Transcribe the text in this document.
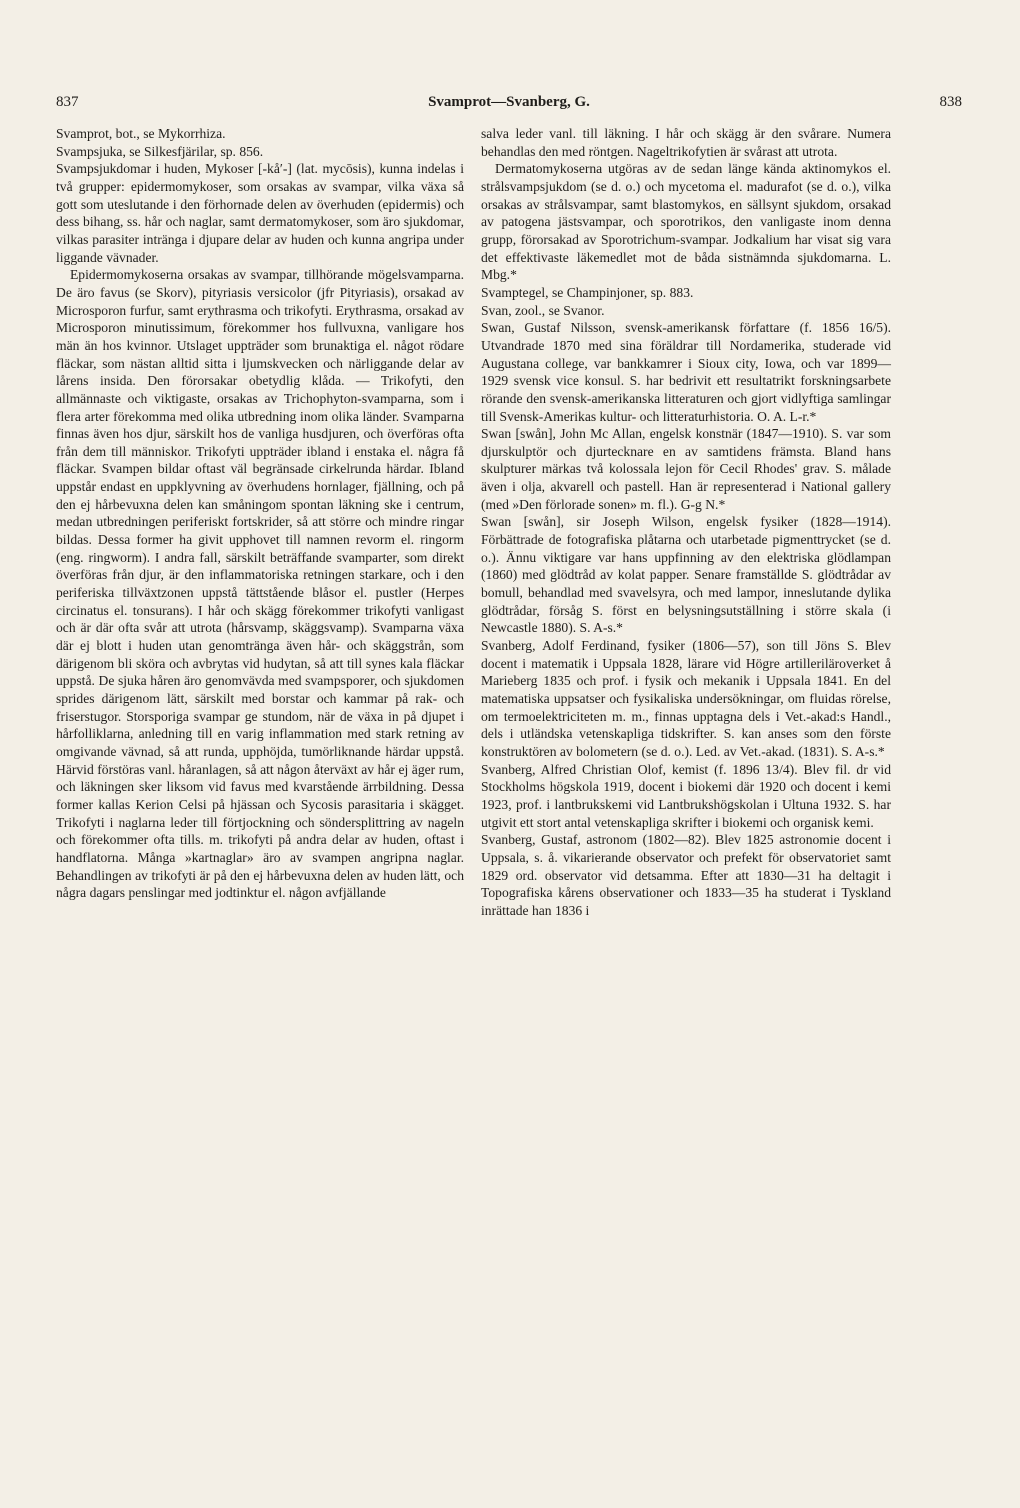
837	Svamprot—Svanberg, G.	838

Svamprot, bot., se Mykorrhiza.

Svampsjuka, se Silkesfjärilar, sp. 856.

Svampsjukdomar i huden, Mykoser [-kå′-] (lat. mycōsis), kunna indelas i två grupper: epidermomykoser, som orsakas av svampar, vilka växa så gott som uteslutande i den förhornade delen av överhuden (epidermis) och dess bihang, ss. hår och naglar, samt dermatomykoser, som äro sjukdomar, vilkas parasiter intränga i djupare delar av huden och kunna angripa under liggande vävnader.

Epidermomykoserna orsakas av svampar, tillhörande mögelsvamparna. De äro favus (se Skorv), pityriasis versicolor (jfr Pityriasis), orsakad av Microsporon furfur, samt erythrasma och trikofyti. Erythrasma, orsakad av Microsporon minutissimum, förekommer hos fullvuxna, vanligare hos män än hos kvinnor. Utslaget uppträder som brunaktiga el. något rödare fläckar, som nästan alltid sitta i ljumskvecken och närliggande delar av lårens insida. Den förorsakar obetydlig klåda. — Trikofyti, den allmännaste och viktigaste, orsakas av Trichophyton-svamparna, som i flera arter förekomma med olika utbredning inom olika länder. Svamparna finnas även hos djur, särskilt hos de vanliga husdjuren, och överföras ofta från dem till människor. Trikofyti uppträder ibland i enstaka el. några få fläckar. Svampen bildar oftast väl begränsade cirkelrunda härdar. Ibland uppstår endast en uppklyvning av överhudens hornlager, fjällning, och på den ej hårbevuxna delen kan småningom spontan läkning ske i centrum, medan utbredningen periferiskt fortskrider, så att större och mindre ringar bildas. Dessa former ha givit upphovet till namnen revorm el. ringorm (eng. ringworm). I andra fall, särskilt beträffande svamparter, som direkt överföras från djur, är den inflammatoriska retningen starkare, och i den periferiska tillväxtzonen uppstå tättstående blåsor el. pustler (Herpes circinatus el. tonsurans). I hår och skägg förekommer trikofyti vanligast och är där ofta svår att utrota (hårsvamp, skäggsvamp). Svamparna växa där ej blott i huden utan genomtränga även hår- och skäggstrån, som därigenom bli sköra och avbrytas vid hudytan, så att till synes kala fläckar uppstå. De sjuka håren äro genomvävda med svampsporer, och sjukdomen sprides därigenom lätt, särskilt med borstar och kammar på rak- och friserstugor. Storsporiga svampar ge stundom, när de växa in på djupet i hårfolliklarna, anledning till en varig inflammation med stark retning av omgivande vävnad, så att runda, upphöjda, tumörliknande härdar uppstå. Härvid förstöras vanl. håranlagen, så att någon återväxt av hår ej äger rum, och läkningen sker liksom vid favus med kvarstående ärrbildning. Dessa former kallas Kerion Celsi på hjässan och Sycosis parasitaria i skägget. Trikofyti i naglarna leder till förtjockning och söndersplittring av nageln och förekommer ofta tills. m. trikofyti på andra delar av huden, oftast i handflatorna. Många »kartnaglar» äro av svampen angripna naglar. Behandlingen av trikofyti är på den ej hårbevuxna delen av huden lätt, och några dagars penslingar med jodtinktur el. någon avfjällande

salva leder vanl. till läkning. I hår och skägg är den svårare. Numera behandlas den med röntgen. Nageltrikofytien är svårast att utrota.

Dermatomykoserna utgöras av de sedan länge kända aktinomykos el. strålsvampsjukdom (se d. o.) och mycetoma el. madurafot (se d. o.), vilka orsakas av strålsvampar, samt blastomykos, en sällsynt sjukdom, orsakad av patogena jästsvampar, och sporotrikos, den vanligaste inom denna grupp, förorsakad av Sporotrichum-svampar. Jodkalium har visat sig vara det effektivaste läkemedlet mot de båda sistnämnda sjukdomarna. L. Mbg.*

Svamptegel, se Champinjoner, sp. 883.

Svan, zool., se Svanor.

Swan, Gustaf Nilsson, svensk-amerikansk författare (f. 1856 16/5). Utvandrade 1870 med sina föräldrar till Nordamerika, studerade vid Augustana college, var bankkamrer i Sioux city, Iowa, och var 1899—1929 svensk vice konsul. S. har bedrivit ett resultatrikt forskningsarbete rörande den svensk-amerikanska litteraturen och gjort vidlyftiga samlingar till Svensk-Amerikas kultur- och litteraturhistoria. O. A. L-r.*

Swan [swån], John Mc Allan, engelsk konstnär (1847—1910). S. var som djurskulptör och djurtecknare en av samtidens främsta. Bland hans skulpturer märkas två kolossala lejon för Cecil Rhodes' grav. S. målade även i olja, akvarell och pastell. Han är representerad i National gallery (med »Den förlorade sonen» m. fl.). G-g N.*

Swan [swån], sir Joseph Wilson, engelsk fysiker (1828—1914). Förbättrade de fotografiska plåtarna och utarbetade pigmenttrycket (se d. o.). Ännu viktigare var hans uppfinning av den elektriska glödlampan (1860) med glödtråd av kolat papper. Senare framställde S. glödtrådar av bomull, behandlad med svavelsyra, och med lampor, inneslutande dylika glödtrådar, försåg S. först en belysningsutställning i större skala (i Newcastle 1880). S. A-s.*

Svanberg, Adolf Ferdinand, fysiker (1806—57), son till Jöns S. Blev docent i matematik i Uppsala 1828, lärare vid Högre artilleriläroverket å Marieberg 1835 och prof. i fysik och mekanik i Uppsala 1841. En del matematiska uppsatser och fysikaliska undersökningar, om fluidas rörelse, om termoelektriciteten m. m., finnas upptagna dels i Vet.-akad:s Handl., dels i utländska vetenskapliga tidskrifter. S. kan anses som den förste konstruktören av bolometern (se d. o.). Led. av Vet.-akad. (1831). S. A-s.*

Svanberg, Alfred Christian Olof, kemist (f. 1896 13/4). Blev fil. dr vid Stockholms högskola 1919, docent i biokemi där 1920 och docent i kemi 1923, prof. i lantbrukskemi vid Lantbrukshögskolan i Ultuna 1932. S. har utgivit ett stort antal vetenskapliga skrifter i biokemi och organisk kemi.

Svanberg, Gustaf, astronom (1802—82). Blev 1825 astronomie docent i Uppsala, s. å. vikarierande observator och prefekt för observatoriet samt 1829 ord. observator vid detsamma. Efter att 1830—31 ha deltagit i Topografiska kårens observationer och 1833—35 ha studerat i Tyskland inrättade han 1836 i
